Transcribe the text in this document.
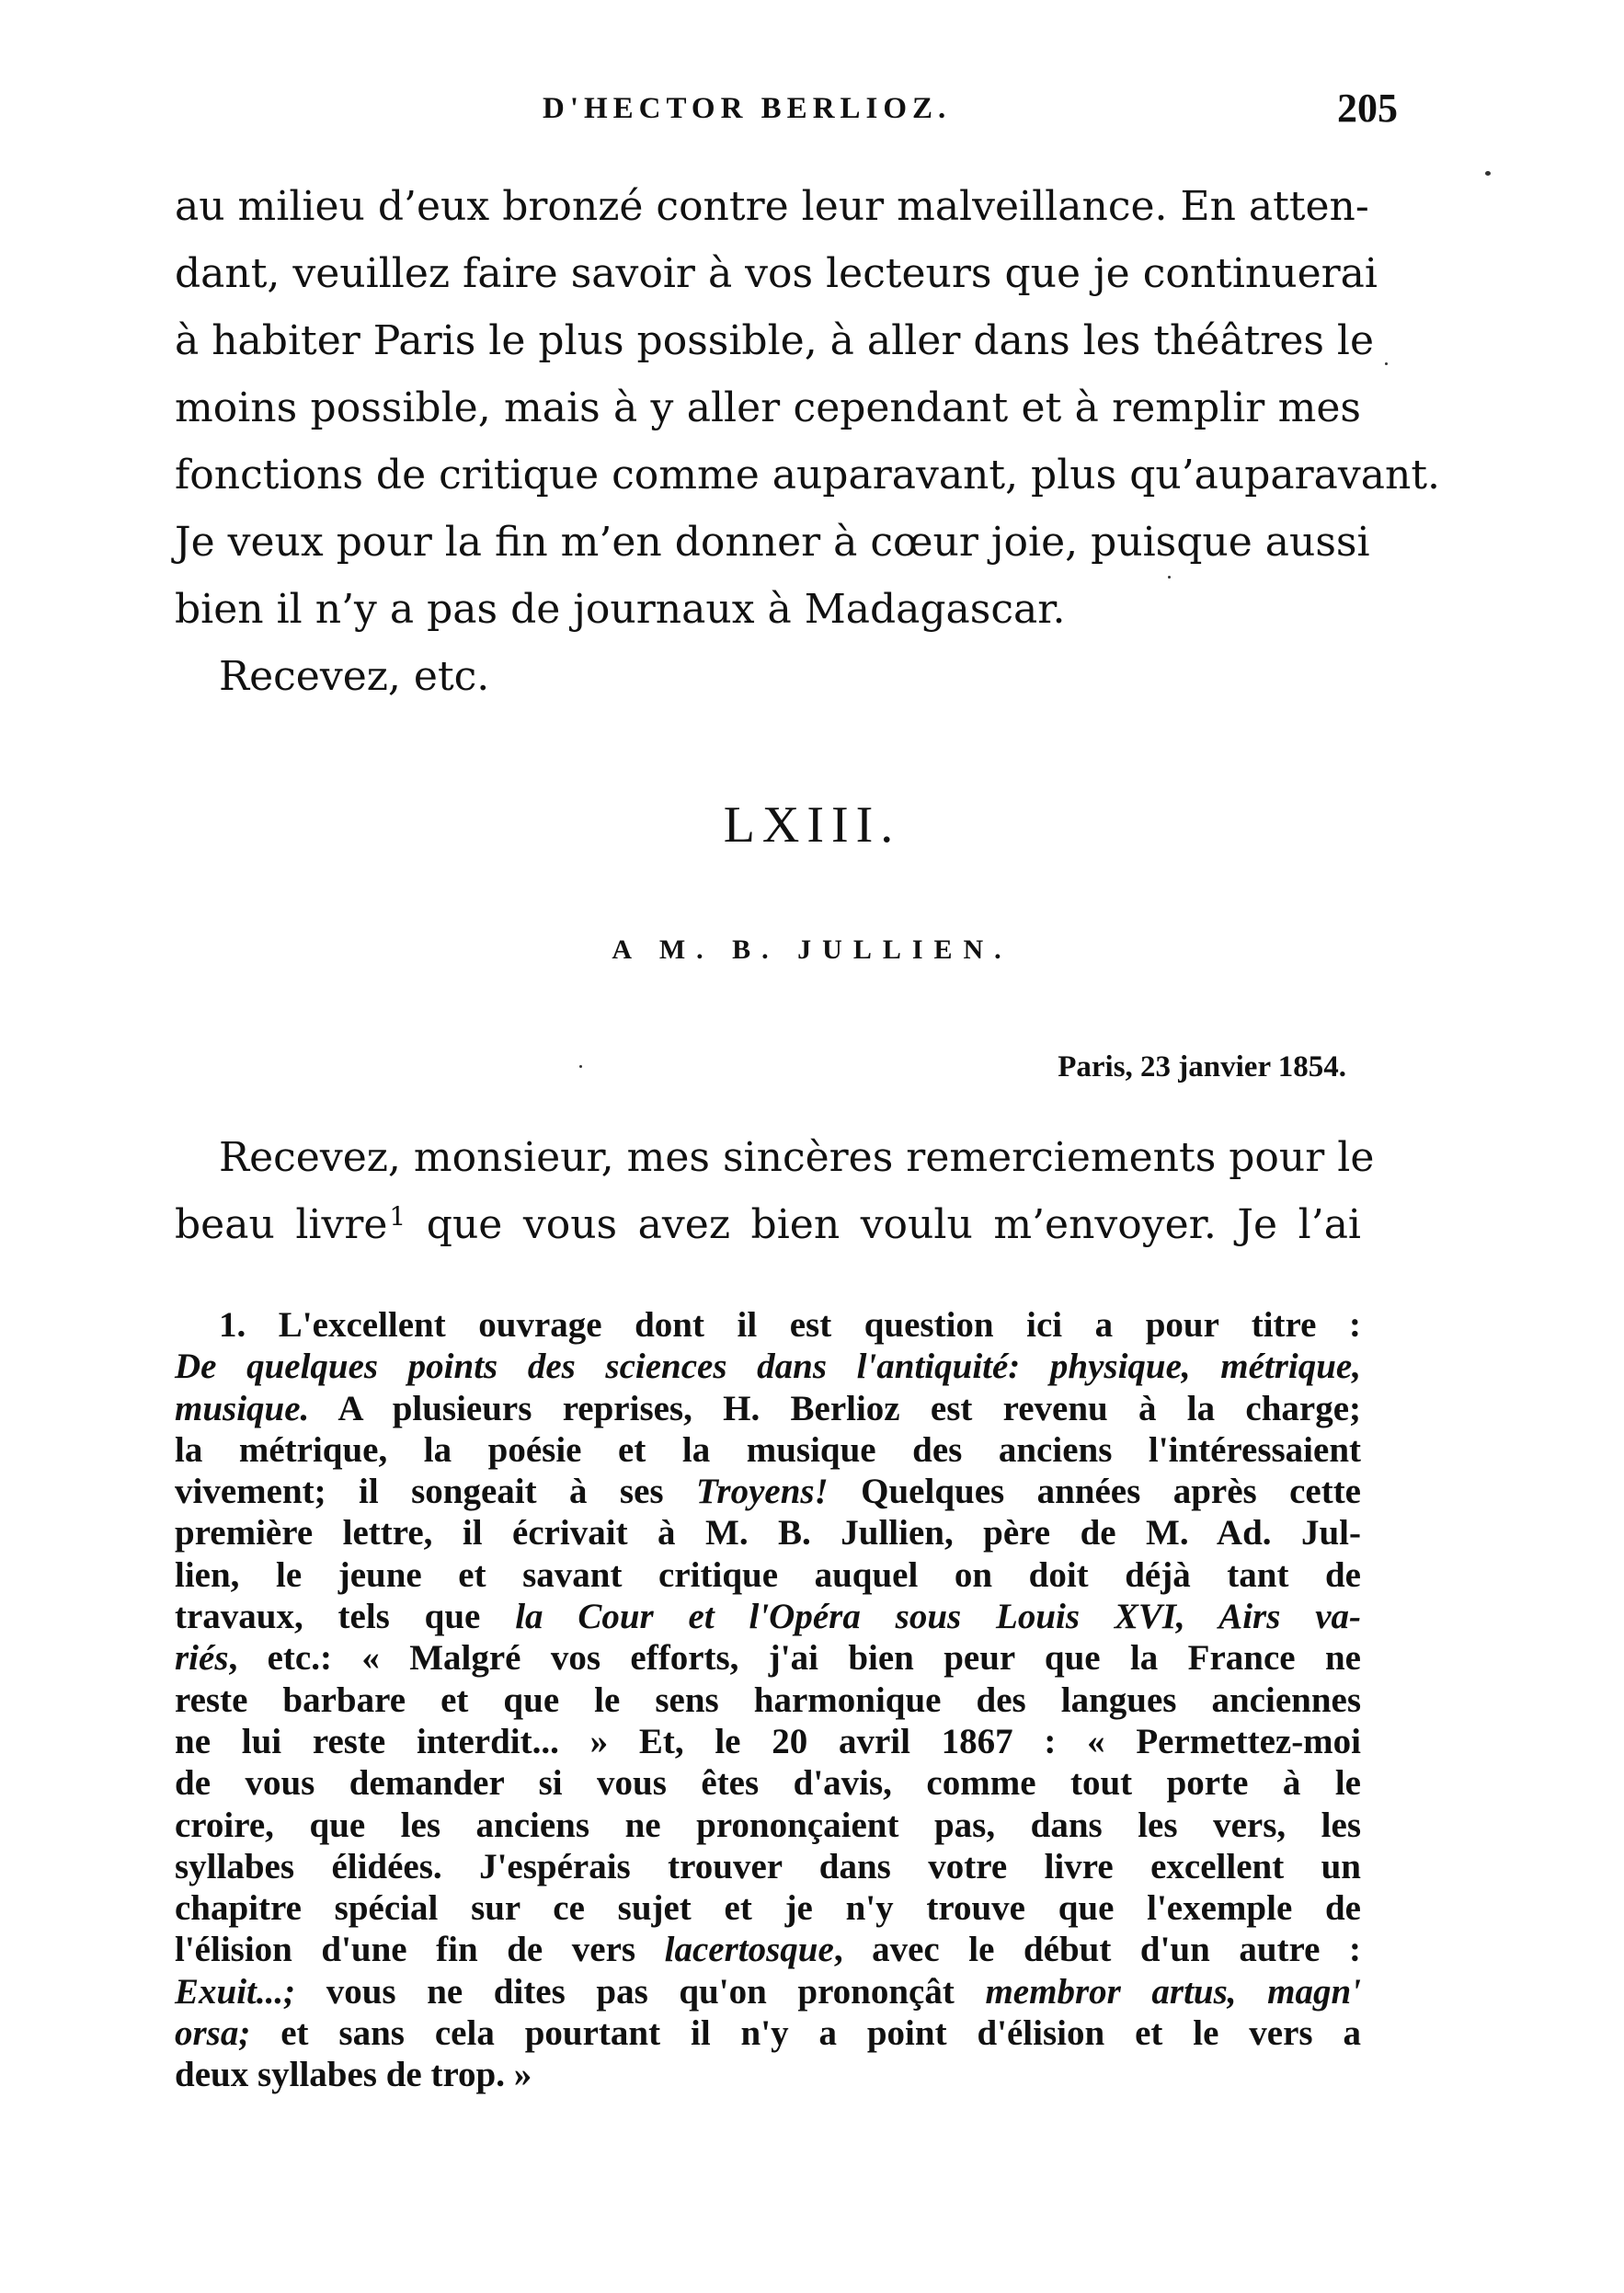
D'HECTOR BERLIOZ.	205
au milieu d’eux bronzé contre leur malveillance. En atten-
dant, veuillez faire savoir à vos lecteurs que je continuerai
à habiter Paris le plus possible, à aller dans les théâtres le
moins possible, mais à y aller cependant et à remplir mes
fonctions de critique comme auparavant, plus qu’auparavant.
Je veux pour la fin m’en donner à cœur joie, puisque aussi
bien il n’y a pas de journaux à Madagascar.
Recevez, etc.
LXIII.
A M. B. JULLIEN.
Paris, 23 janvier 1854.
Recevez, monsieur, mes sincères remerciements pour le
beau livre$^1$ que vous avez bien voulu m’envoyer. Je l’ai
1. L'excellent ouvrage dont il est question ici a pour titre :
De quelques points des sciences dans l'antiquité: physique, métrique,
musique. A plusieurs reprises, H. Berlioz est revenu à la charge;
la métrique, la poésie et la musique des anciens l'intéressaient
vivement; il songeait à ses Troyens! Quelques années après cette
première lettre, il écrivait à M. B. Jullien, père de M. Ad. Jul-
lien, le jeune et savant critique auquel on doit déjà tant de
travaux, tels que la Cour et l'Opéra sous Louis XVI, Airs va-
riés, etc.: « Malgré vos efforts, j'ai bien peur que la France ne
reste barbare et que le sens harmonique des langues anciennes
ne lui reste interdit... » Et, le 20 avril 1867 : « Permettez-moi
de vous demander si vous êtes d'avis, comme tout porte à le
croire, que les anciens ne prononçaient pas, dans les vers, les
syllabes élidées. J'espérais trouver dans votre livre excellent un
chapitre spécial sur ce sujet et je n'y trouve que l'exemple de
l'élision d'une fin de vers lacertosque, avec le début d'un autre :
Exuit...; vous ne dites pas qu'on prononçât membror artus, magn'
orsa; et sans cela pourtant il n'y a point d'élision et le vers a
deux syllabes de trop. »
